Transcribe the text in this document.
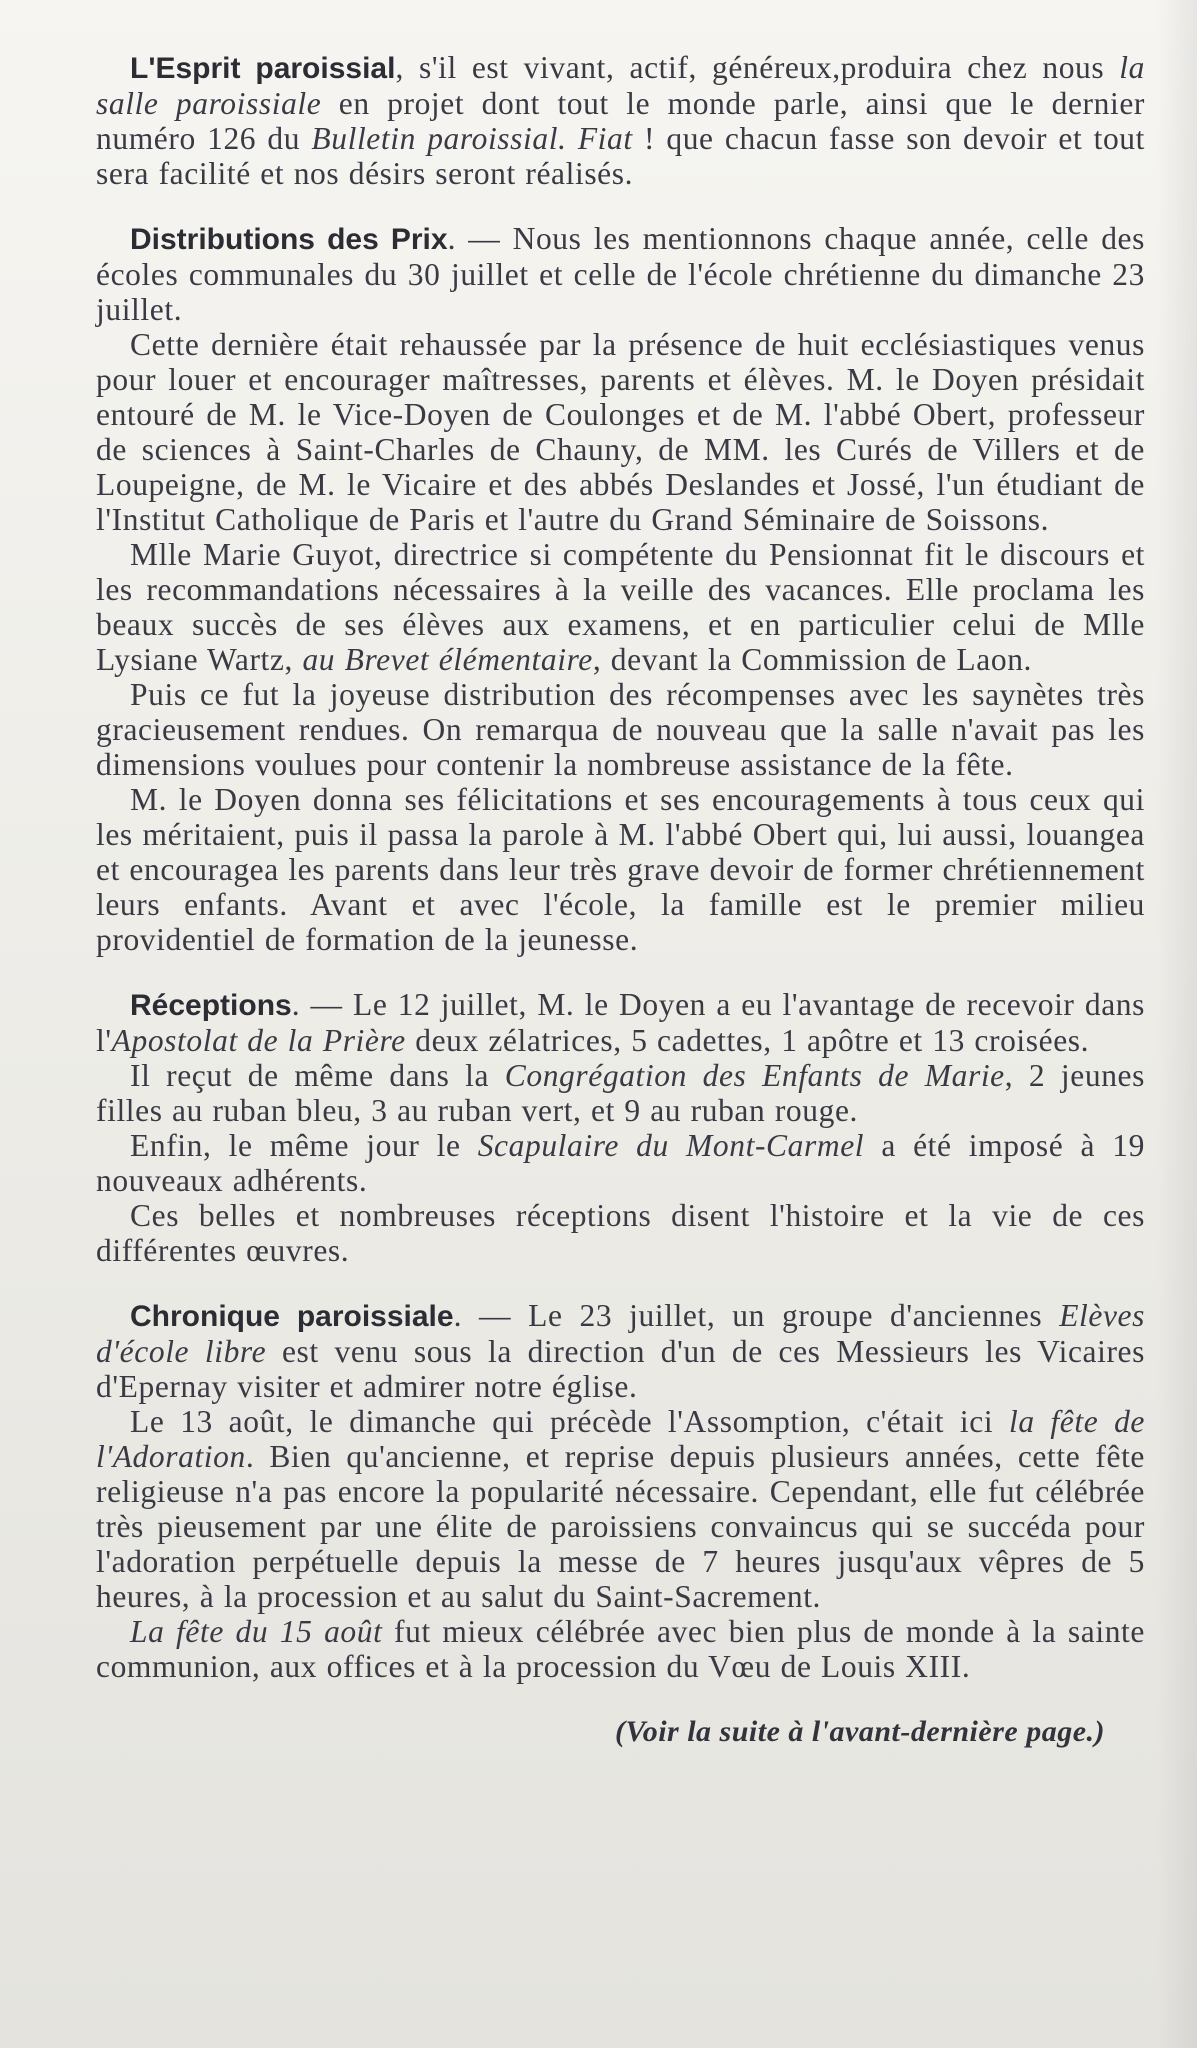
L'Esprit paroissial, s'il est vivant, actif, généreux,produira chez nous la salle paroissiale en projet dont tout le monde parle, ainsi que le dernier numéro 126 du Bulletin paroissial. Fiat ! que chacun fasse son devoir et tout sera facilité et nos désirs seront réalisés.

Distributions des Prix. — Nous les mentionnons chaque année, celle des écoles communales du 30 juillet et celle de l'école chrétienne du dimanche 23 juillet.

Cette dernière était rehaussée par la présence de huit ecclésiastiques venus pour louer et encourager maîtresses, parents et élèves. M. le Doyen présidait entouré de M. le Vice-Doyen de Coulonges et de M. l'abbé Obert, professeur de sciences à Saint-Charles de Chauny, de MM. les Curés de Villers et de Loupeigne, de M. le Vicaire et des abbés Deslandes et Jossé, l'un étudiant de l'Institut Catholique de Paris et l'autre du Grand Séminaire de Soissons.

Mlle Marie Guyot, directrice si compétente du Pensionnat fit le discours et les recommandations nécessaires à la veille des vacances. Elle proclama les beaux succès de ses élèves aux examens, et en particulier celui de Mlle Lysiane Wartz, au Brevet élémentaire, devant la Commission de Laon.

Puis ce fut la joyeuse distribution des récompenses avec les saynètes très gracieusement rendues. On remarqua de nouveau que la salle n'avait pas les dimensions voulues pour contenir la nombreuse assistance de la fête.

M. le Doyen donna ses félicitations et ses encouragements à tous ceux qui les méritaient, puis il passa la parole à M. l'abbé Obert qui, lui aussi, louangea et encouragea les parents dans leur très grave devoir de former chrétiennement leurs enfants. Avant et avec l'école, la famille est le premier milieu providentiel de formation de la jeunesse.

Réceptions. — Le 12 juillet, M. le Doyen a eu l'avantage de recevoir dans l'Apostolat de la Prière deux zélatrices, 5 cadettes, 1 apôtre et 13 croisées.

Il reçut de même dans la Congrégation des Enfants de Marie, 2 jeunes filles au ruban bleu, 3 au ruban vert, et 9 au ruban rouge.

Enfin, le même jour le Scapulaire du Mont-Carmel a été imposé à 19 nouveaux adhérents.

Ces belles et nombreuses réceptions disent l'histoire et la vie de ces différentes œuvres.

Chronique paroissiale. — Le 23 juillet, un groupe d'anciennes Elèves d'école libre est venu sous la direction d'un de ces Messieurs les Vicaires d'Epernay visiter et admirer notre église.

Le 13 août, le dimanche qui précède l'Assomption, c'était ici la fête de l'Adoration. Bien qu'ancienne, et reprise depuis plusieurs années, cette fête religieuse n'a pas encore la popularité nécessaire. Cependant, elle fut célébrée très pieusement par une élite de paroissiens convaincus qui se succéda pour l'adoration perpétuelle depuis la messe de 7 heures jusqu'aux vêpres de 5 heures, à la procession et au salut du Saint-Sacrement.

La fête du 15 août fut mieux célébrée avec bien plus de monde à la sainte communion, aux offices et à la procession du Vœu de Louis XIII.

(Voir la suite à l'avant-dernière page.)
